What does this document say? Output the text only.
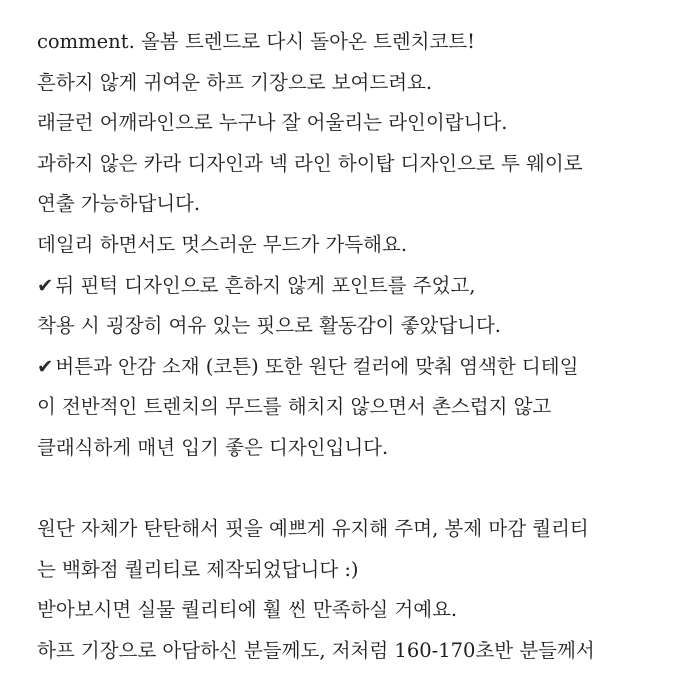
comment. 올봄 트렌드로 다시 돌아온 트렌치코트!
흔하지 않게 귀여운 하프 기장으로 보여드려요.
래글런 어깨라인으로 누구나 잘 어울리는 라인이랍니다.
과하지 않은 카라 디자인과 넥 라인 하이탑 디자인으로 투 웨이로
연출 가능하답니다.
데일리 하면서도 멋스러운 무드가 가득해요.
✔ 뒤 핀턱 디자인으로 흔하지 않게 포인트를 주었고,
착용 시 굉장히 여유 있는 핏으로 활동감이 좋았답니다.
✔ 버튼과 안감 소재 (코튼) 또한 원단 컬러에 맞춰 염색한 디테일
이 전반적인 트렌치의 무드를 해치지 않으면서 촌스럽지 않고
클래식하게 매년 입기 좋은 디자인입니다.
원단 자체가 탄탄해서 핏을 예쁘게 유지해 주며, 봉제 마감 퀄리티
는 백화점 퀄리티로 제작되었답니다 :)
받아보시면 실물 퀄리티에 훨 씬 만족하실 거예요.
하프 기장으로 아담하신 분들께도, 저처럼 160-170초반 분들께서
